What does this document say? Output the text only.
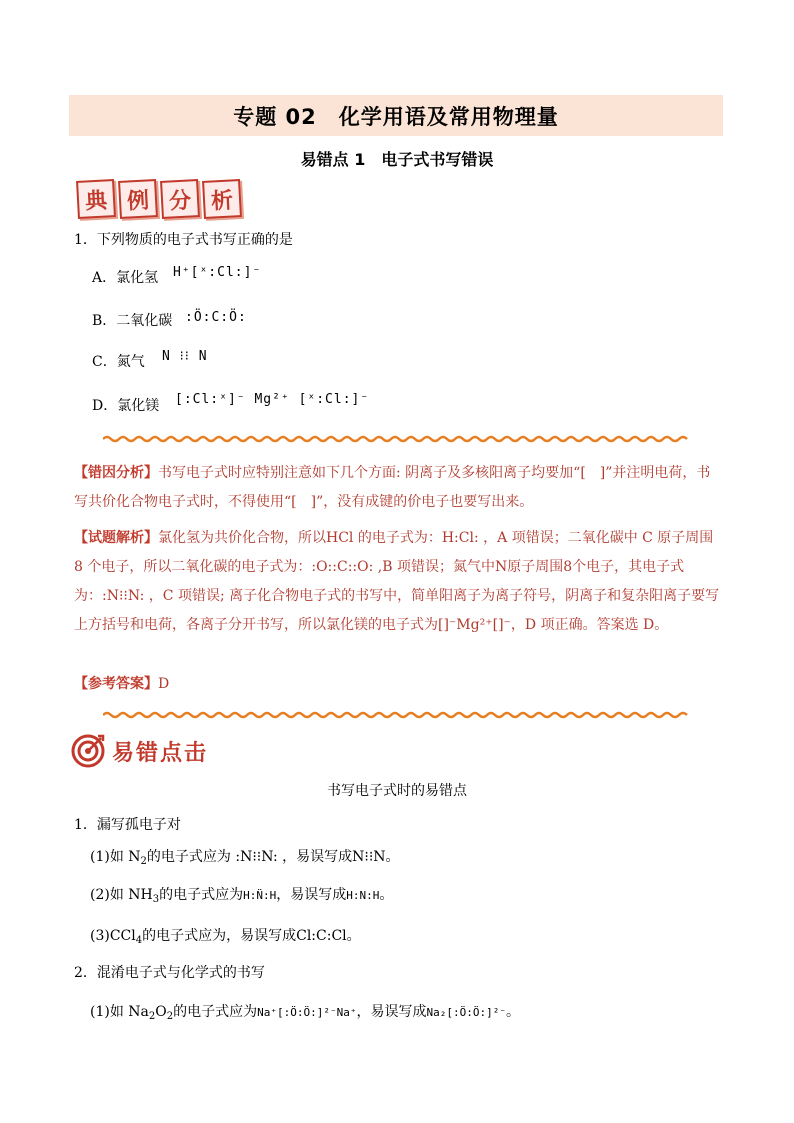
专题 02　化学用语及常用物理量
易错点 1　电子式书写错误
典 例 分 析
1．下列物质的电子式书写正确的是
A．氯化氢 H⁺[ˣ:Cl:]⁻
B．二氧化碳 :Ö:C:Ö:
C．氮气 N ⁝⁝ N
D．氯化镁 [:Cl:ˣ]⁻ Mg²⁺ [ˣ:Cl:]⁻
【错因分析】书写电子式时应特别注意如下几个方面: 阴离子及多核阳离子均要加“[　]”并注明电荷，书写共价化合物电子式时，不得使用“[　]”，没有成键的价电子也要写出来。
【试题解析】氯化氢为共价化合物，所以HCl 的电子式为：H:Cl: ，A 项错误；二氧化碳中 C 原子周围 8 个电子，所以二氧化碳的电子式为：:O::C::O: ,B 项错误；氮气中N原子周围8个电子，其电子式为：:N⁝⁝N: ，C 项错误; 离子化合物电子式的书写中，简单阳离子为离子符号，阴离子和复杂阳离子要写上方括号和电荷，各离子分开书写，所以氯化镁的电子式为[]⁻Mg²⁺[]⁻，D 项正确。答案选 D。
【参考答案】D
易错点击
书写电子式时的易错点
1．漏写孤电子对
(1)如 $N_2$的电子式应为 :N⁝⁝N: ，易误写成N⁝⁝N。
(2)如 $NH_3$的电子式应为H:N̈:H，易误写成H:N:H。
(3)CCl$_4$的电子式应为，易误写成Cl:C:Cl。
2．混淆电子式与化学式的书写
(1)如 $Na_2O_2$的电子式应为Na⁺[:Ö:Ö:]²⁻Na⁺，易误写成Na₂[:Ö:Ö:]²⁻。
